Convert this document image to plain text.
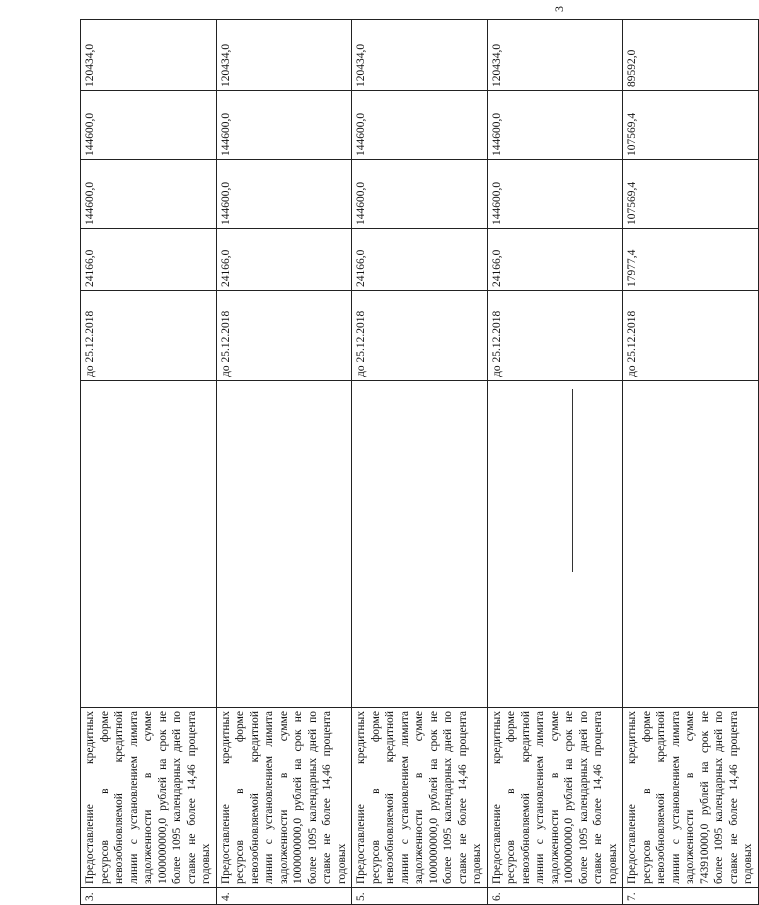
3
3.	Предоставление кредитных ресурсов в форме невозобновляемой кредитной линии с установлением лимита задолженности в сумме 1000000000,0 рублей на срок не более 1095 календарных дней по ставке не более 14,46 процента годовых		до 25.12.2018	24166,0	144600,0	144600,0	120434,0
4.	Предоставление кредитных ресурсов в форме невозобновляемой кредитной линии с установлением лимита задолженности в сумме 1000000000,0 рублей на срок не более 1095 календарных дней по ставке не более 14,46 процента годовых		до 25.12.2018	24166,0	144600,0	144600,0	120434,0
5.	Предоставление кредитных ресурсов в форме невозобновляемой кредитной линии с установлением лимита задолженности в сумме 1000000000,0 рублей на срок не более 1095 календарных дней по ставке не более 14,46 процента годовых		до 25.12.2018	24166,0	144600,0	144600,0	120434,0
6.	Предоставление кредитных ресурсов в форме невозобновляемой кредитной линии с установлением лимита задолженности в сумме 1000000000,0 рублей на срок не более 1095 календарных дней по ставке не более 14,46 процента годовых		до 25.12.2018	24166,0	144600,0	144600,0	120434,0
7.	Предоставление кредитных ресурсов в форме невозобновляемой кредитной линии с установлением лимита задолженности в сумме 743910000,0 рублей на срок не более 1095 календарных дней по ставке не более 14,46 процента годовых		до 25.12.2018	17977,4	107569,4	107569,4	89592,0
